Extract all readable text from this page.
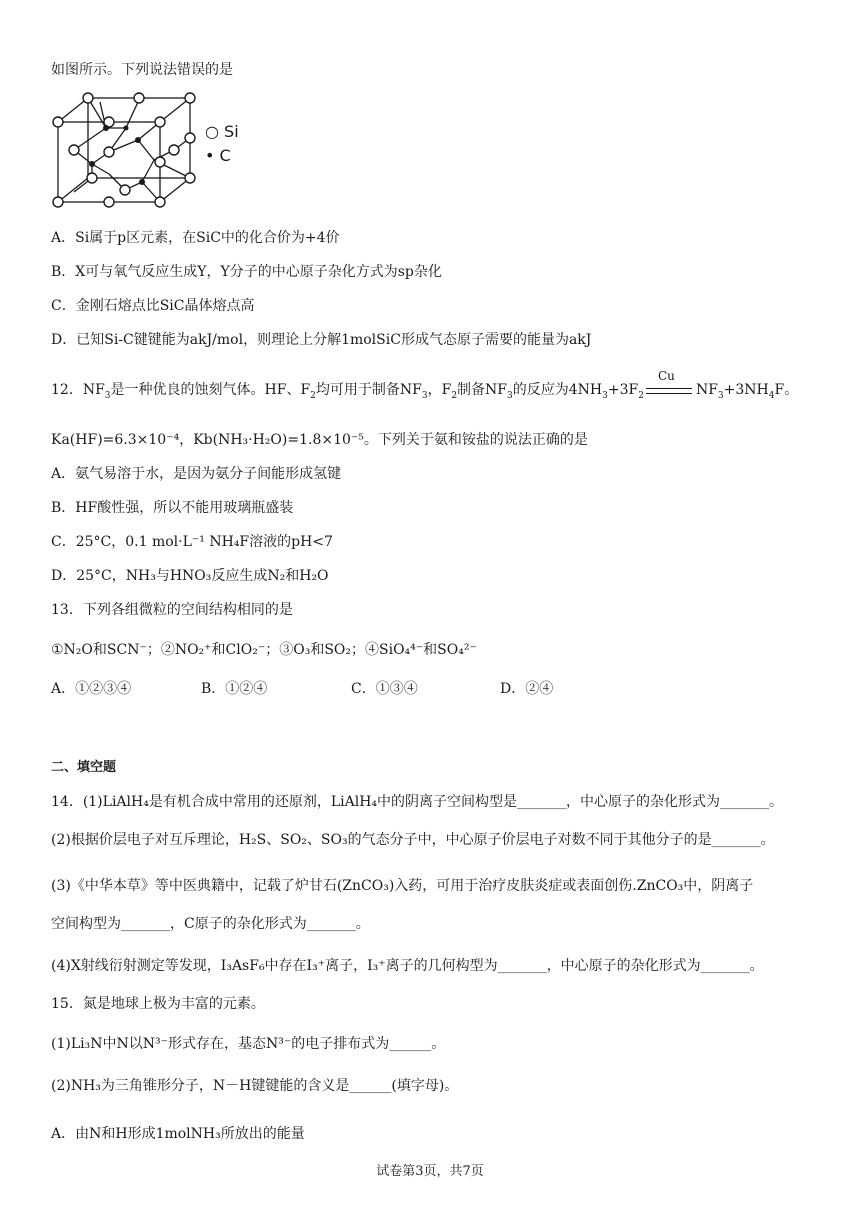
如图所示。下列说法错误的是
○ Si
• C
A．Si属于p区元素，在SiC中的化合价为+4价
B．X可与氧气反应生成Y，Y分子的中心原子杂化方式为sp杂化
C．金刚石熔点比SiC晶体熔点高
D．已知Si-C键键能为akJ/mol，则理论上分解1molSiC形成气态原子需要的能量为akJ
12．$NF_3$是一种优良的蚀刻气体。HF、$F_2$均可用于制备$NF_3$，$F_2$制备$NF_3$的反应为$4NH_3+3F_2$
Cu
$NF_3+3NH_4F$。
Ka(HF)=6.3×10⁻⁴，Kb(NH₃·H₂O)=1.8×10⁻⁵。下列关于氨和铵盐的说法正确的是
A．氨气易溶于水，是因为氨分子间能形成氢键
B．HF酸性强，所以不能用玻璃瓶盛装
C．25°C，0.1 mol·L⁻¹ NH₄F溶液的pH<7
D．25°C，NH₃与HNO₃反应生成N₂和H₂O
13．下列各组微粒的空间结构相同的是
①N₂O和SCN⁻；②NO₂⁺和ClO₂⁻；③O₃和SO₂；④SiO₄⁴⁻和SO₄²⁻
A．①②③④	B．①②④	C．①③④	D．②④
二、填空题
14．(1)LiAlH₄是有机合成中常用的还原剂，LiAlH₄中的阴离子空间构型是_______，中心原子的杂化形式为_______。
(2)根据价层电子对互斥理论，H₂S、SO₂、SO₃的气态分子中，中心原子价层电子对数不同于其他分子的是_______。
(3)《中华本草》等中医典籍中，记载了炉甘石(ZnCO₃)入药，可用于治疗皮肤炎症或表面创伤.ZnCO₃中，阴离子
空间构型为_______，C原子的杂化形式为_______。
(4)X射线衍射测定等发现，I₃AsF₆中存在I₃⁺离子，I₃⁺离子的几何构型为_______，中心原子的杂化形式为_______。
15．氮是地球上极为丰富的元素。
(1)Li₃N中N以N³⁻形式存在，基态N³⁻的电子排布式为______。
(2)NH₃为三角锥形分子，N－H键键能的含义是______(填字母)。
A．由N和H形成1molNH₃所放出的能量
试卷第3页，共7页
